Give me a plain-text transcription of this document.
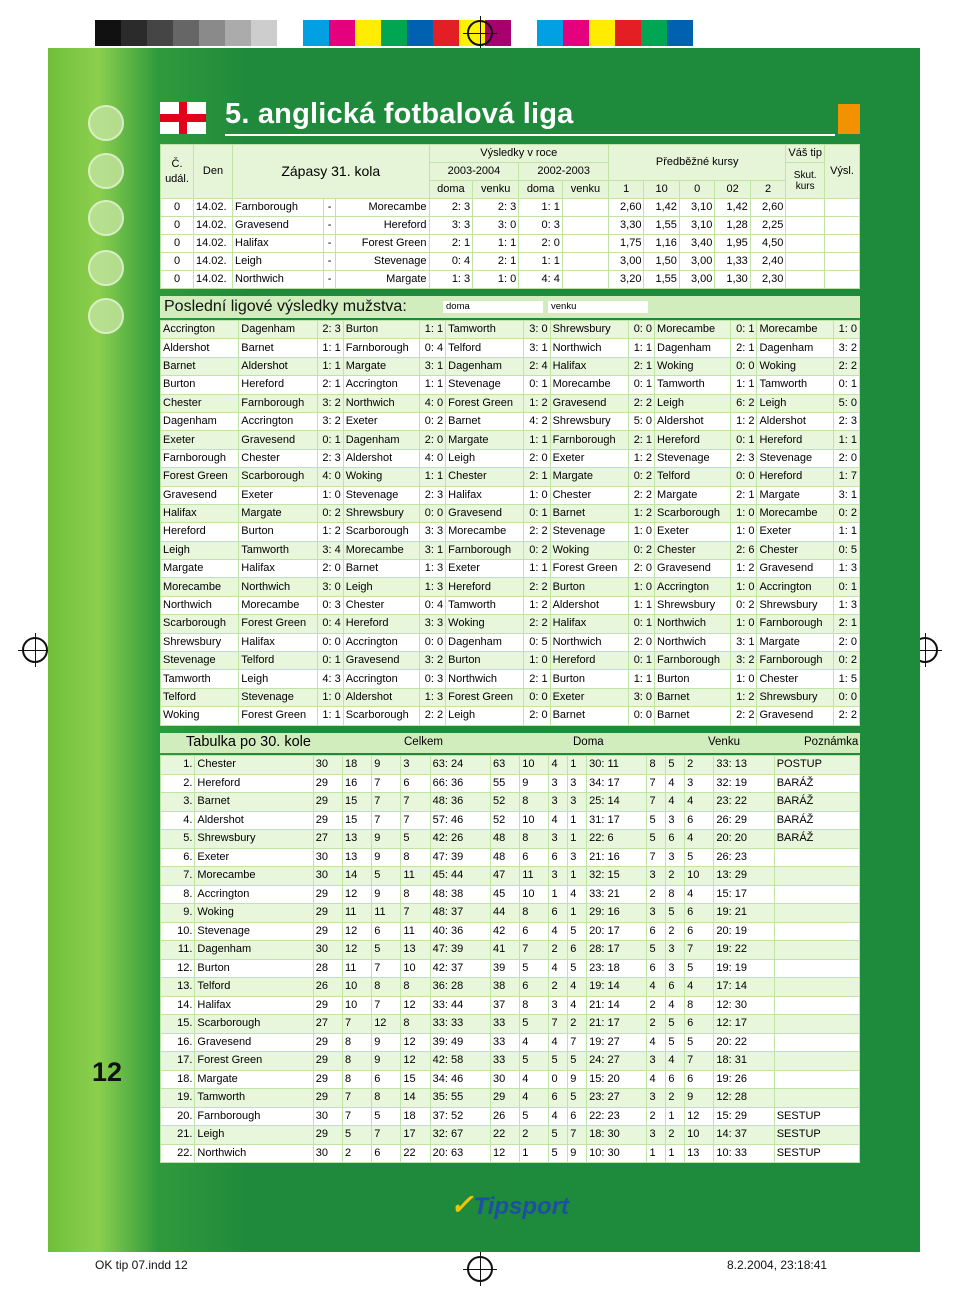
5. anglická fotbalová liga
Č. udál.	Den	Zápasy 31. kola			Výsledky v roce				Předběžné kursy					Váš tip	Výsl.
					2003-2004		2002-2003							Skut. kurs	
					doma	venku	doma	venku	1	10	0	02	2		
0	14.02.	Farnborough	-	Morecambe	2: 3	2: 3	1: 1		2,60	1,42	3,10	1,42	2,60		
0	14.02.	Gravesend	-	Hereford	3: 3	3: 0	0: 3		3,30	1,55	3,10	1,28	2,25		
0	14.02.	Halifax	-	Forest Green	2: 1	1: 1	2: 0		1,75	1,16	3,40	1,95	4,50		
0	14.02.	Leigh	-	Stevenage	0: 4	2: 1	1: 1		3,00	1,50	3,00	1,33	2,40		
0	14.02.	Northwich	-	Margate	1: 3	1: 0	4: 4		3,20	1,55	3,00	1,30	2,30		
Poslední ligové výsledky mužstva:	doma	venku
Accrington	Dagenham	2: 3	Burton	1: 1	Tamworth	3: 0	Shrewsbury	0: 0	Morecambe	0: 1	Morecambe	1: 0
Aldershot	Barnet	1: 1	Farnborough	0: 4	Telford	3: 1	Northwich	1: 1	Dagenham	2: 1	Dagenham	3: 2
Barnet	Aldershot	1: 1	Margate	3: 1	Dagenham	2: 4	Halifax	2: 1	Woking	0: 0	Woking	2: 2
Burton	Hereford	2: 1	Accrington	1: 1	Stevenage	0: 1	Morecambe	0: 1	Tamworth	1: 1	Tamworth	0: 1
Chester	Farnborough	3: 2	Northwich	4: 0	Forest Green	1: 2	Gravesend	2: 2	Leigh	6: 2	Leigh	5: 0
Dagenham	Accrington	3: 2	Exeter	0: 2	Barnet	4: 2	Shrewsbury	5: 0	Aldershot	1: 2	Aldershot	2: 3
Exeter	Gravesend	0: 1	Dagenham	2: 0	Margate	1: 1	Farnborough	2: 1	Hereford	0: 1	Hereford	1: 1
Farnborough	Chester	2: 3	Aldershot	4: 0	Leigh	2: 0	Exeter	1: 2	Stevenage	2: 3	Stevenage	2: 0
Forest Green	Scarborough	4: 0	Woking	1: 1	Chester	2: 1	Margate	0: 2	Telford	0: 0	Hereford	1: 7
Gravesend	Exeter	1: 0	Stevenage	2: 3	Halifax	1: 0	Chester	2: 2	Margate	2: 1	Margate	3: 1
Halifax	Margate	0: 2	Shrewsbury	0: 0	Gravesend	0: 1	Barnet	1: 2	Scarborough	1: 0	Morecambe	0: 2
Hereford	Burton	1: 2	Scarborough	3: 3	Morecambe	2: 2	Stevenage	1: 0	Exeter	1: 0	Exeter	1: 1
Leigh	Tamworth	3: 4	Morecambe	3: 1	Farnborough	0: 2	Woking	0: 2	Chester	2: 6	Chester	0: 5
Margate	Halifax	2: 0	Barnet	1: 3	Exeter	1: 1	Forest Green	2: 0	Gravesend	1: 2	Gravesend	1: 3
Morecambe	Northwich	3: 0	Leigh	1: 3	Hereford	2: 2	Burton	1: 0	Accrington	1: 0	Accrington	0: 1
Northwich	Morecambe	0: 3	Chester	0: 4	Tamworth	1: 2	Aldershot	1: 1	Shrewsbury	0: 2	Shrewsbury	1: 3
Scarborough	Forest Green	0: 4	Hereford	3: 3	Woking	2: 2	Halifax	0: 1	Northwich	1: 0	Farnborough	2: 1
Shrewsbury	Halifax	0: 0	Accrington	0: 0	Dagenham	0: 5	Northwich	2: 0	Northwich	3: 1	Margate	2: 0
Stevenage	Telford	0: 1	Gravesend	3: 2	Burton	1: 0	Hereford	0: 1	Farnborough	3: 2	Farnborough	0: 2
Tamworth	Leigh	4: 3	Accrington	0: 3	Northwich	2: 1	Burton	1: 1	Burton	1: 0	Chester	1: 5
Telford	Stevenage	1: 0	Aldershot	1: 3	Forest Green	0: 0	Exeter	3: 0	Barnet	1: 2	Shrewsbury	0: 0
Woking	Forest Green	1: 1	Scarborough	2: 2	Leigh	2: 0	Barnet	0: 0	Barnet	2: 2	Gravesend	2: 2
Tabulka po 30. kole	Celkem	Doma	Venku	Poznámka
1.	Chester	30	18	9	3	63: 24	63	10	4	1	30: 11	8	5	2	33: 13	POSTUP
2.	Hereford	29	16	7	6	66: 36	55	9	3	3	34: 17	7	4	3	32: 19	BARÁŽ
3.	Barnet	29	15	7	7	48: 36	52	8	3	3	25: 14	7	4	4	23: 22	BARÁŽ
4.	Aldershot	29	15	7	7	57: 46	52	10	4	1	31: 17	5	3	6	26: 29	BARÁŽ
5.	Shrewsbury	27	13	9	5	42: 26	48	8	3	1	22: 6	5	6	4	20: 20	BARÁŽ
6.	Exeter	30	13	9	8	47: 39	48	6	6	3	21: 16	7	3	5	26: 23	
7.	Morecambe	30	14	5	11	45: 44	47	11	3	1	32: 15	3	2	10	13: 29	
8.	Accrington	29	12	9	8	48: 38	45	10	1	4	33: 21	2	8	4	15: 17	
9.	Woking	29	11	11	7	48: 37	44	8	6	1	29: 16	3	5	6	19: 21	
10.	Stevenage	29	12	6	11	40: 36	42	6	4	5	20: 17	6	2	6	20: 19	
11.	Dagenham	30	12	5	13	47: 39	41	7	2	6	28: 17	5	3	7	19: 22	
12.	Burton	28	11	7	10	42: 37	39	5	4	5	23: 18	6	3	5	19: 19	
13.	Telford	26	10	8	8	36: 28	38	6	2	4	19: 14	4	6	4	17: 14	
14.	Halifax	29	10	7	12	33: 44	37	8	3	4	21: 14	2	4	8	12: 30	
15.	Scarborough	27	7	12	8	33: 33	33	5	7	2	21: 17	2	5	6	12: 17	
16.	Gravesend	29	8	9	12	39: 49	33	4	4	7	19: 27	4	5	5	20: 22	
17.	Forest Green	29	8	9	12	42: 58	33	5	5	5	24: 27	3	4	7	18: 31	
18.	Margate	29	8	6	15	34: 46	30	4	0	9	15: 20	4	6	6	19: 26	
19.	Tamworth	29	7	8	14	35: 55	29	4	6	5	23: 27	3	2	9	12: 28	
20.	Farnborough	30	7	5	18	37: 52	26	5	4	6	22: 23	2	1	12	15: 29	SESTUP
21.	Leigh	29	5	7	17	32: 67	22	2	5	7	18: 30	3	2	10	14: 37	SESTUP
22.	Northwich	30	2	6	22	20: 63	12	1	5	9	10: 30	1	1	13	10: 33	SESTUP
12
✓Tipsport
OK tip 07.indd 12	8.2.2004, 23:18:41
